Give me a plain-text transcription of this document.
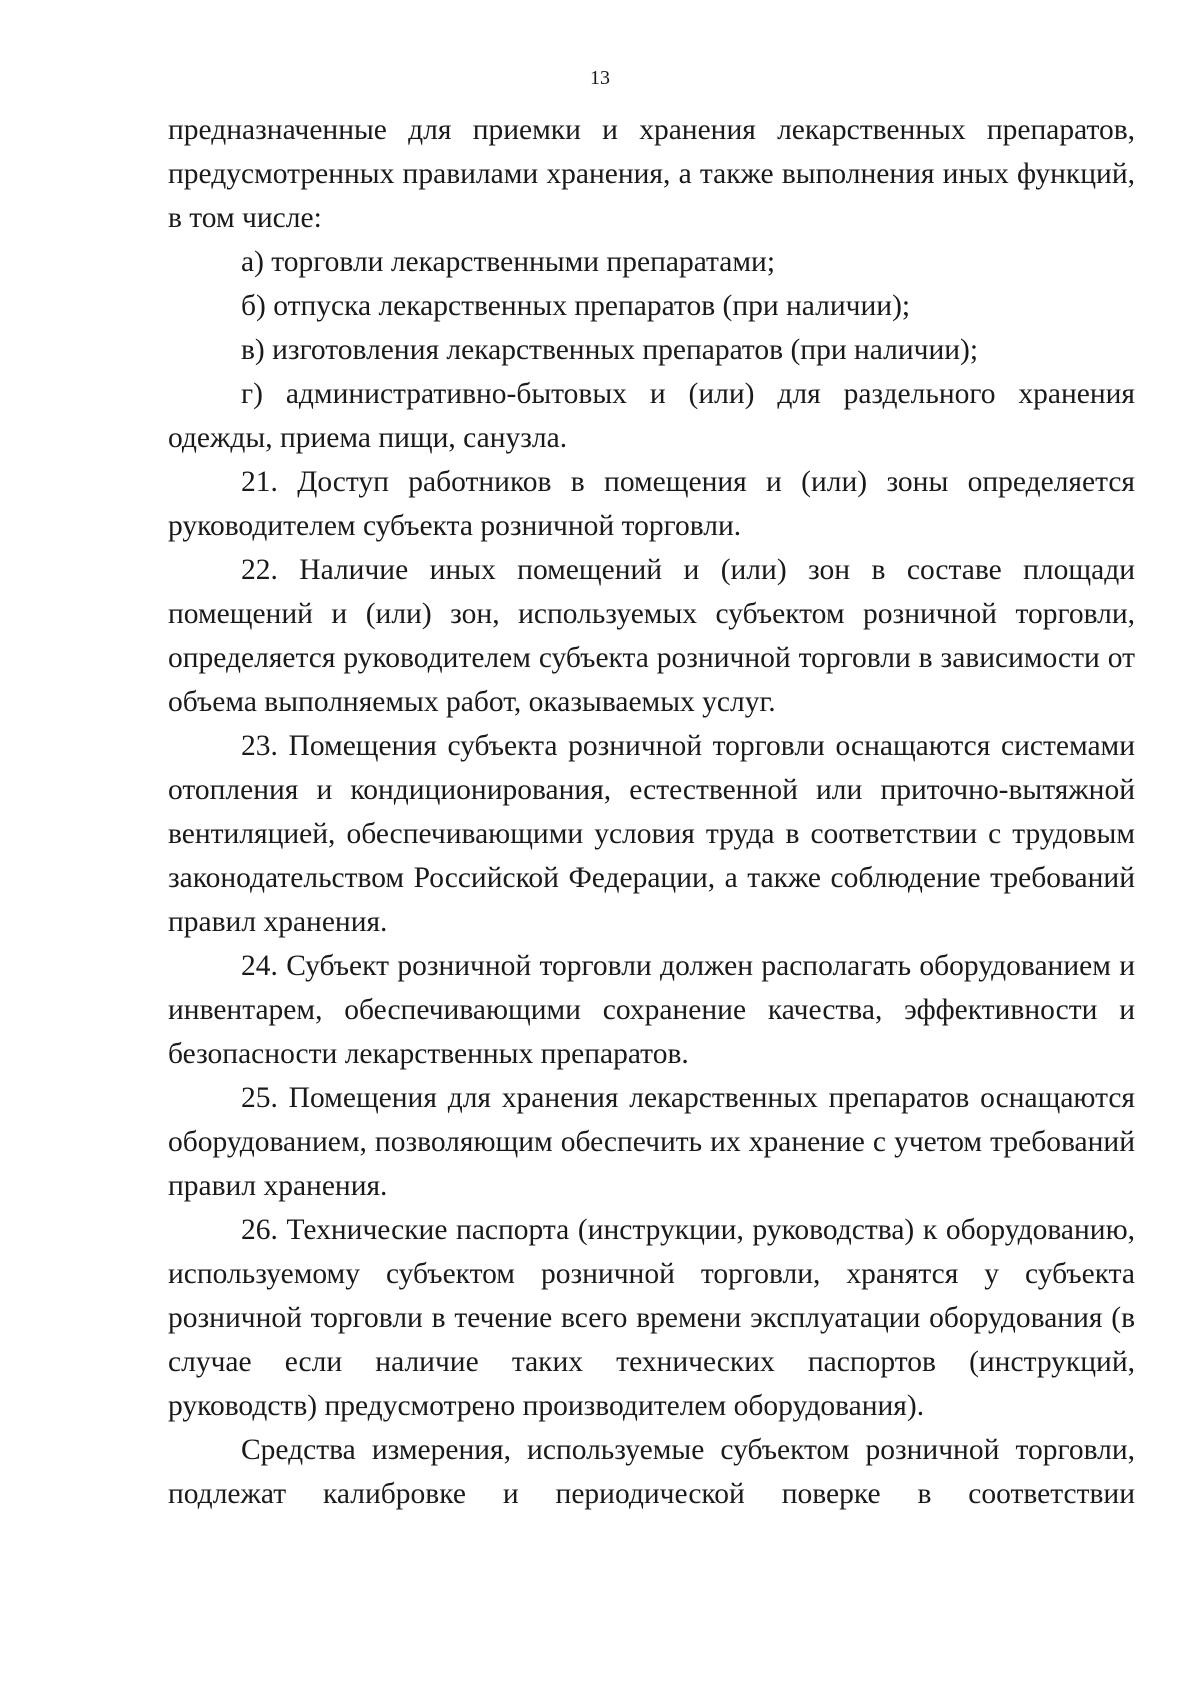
13

предназначенные для приемки и хранения лекарственных препаратов, предусмотренных правилами хранения, а также выполнения иных функций, в том числе:

а) торговли лекарственными препаратами;

б) отпуска лекарственных препаратов (при наличии);

в) изготовления лекарственных препаратов (при наличии);

г) административно-бытовых и (или) для раздельного хранения одежды, приема пищи, санузла.

21. Доступ работников в помещения и (или) зоны определяется руководителем субъекта розничной торговли.

22. Наличие иных помещений и (или) зон в составе площади помещений и (или) зон, используемых субъектом розничной торговли, определяется руководителем субъекта розничной торговли в зависимости от объема выполняемых работ, оказываемых услуг.

23. Помещения субъекта розничной торговли оснащаются системами отопления и кондиционирования, естественной или приточно-вытяжной вентиляцией, обеспечивающими условия труда в соответствии с трудовым законодательством Российской Федерации, а также соблюдение требований правил хранения.

24. Субъект розничной торговли должен располагать оборудованием и инвентарем, обеспечивающими сохранение качества, эффективности и безопасности лекарственных препаратов.

25. Помещения для хранения лекарственных препаратов оснащаются оборудованием, позволяющим обеспечить их хранение с учетом требований правил хранения.

26. Технические паспорта (инструкции, руководства) к оборудованию, используемому субъектом розничной торговли, хранятся у субъекта розничной торговли в течение всего времени эксплуатации оборудования (в случае если наличие таких технических паспортов (инструкций, руководств) предусмотрено производителем оборудования).

Средства измерения, используемые субъектом розничной торговли, подлежат калибровке и периодической поверке в соответствии
